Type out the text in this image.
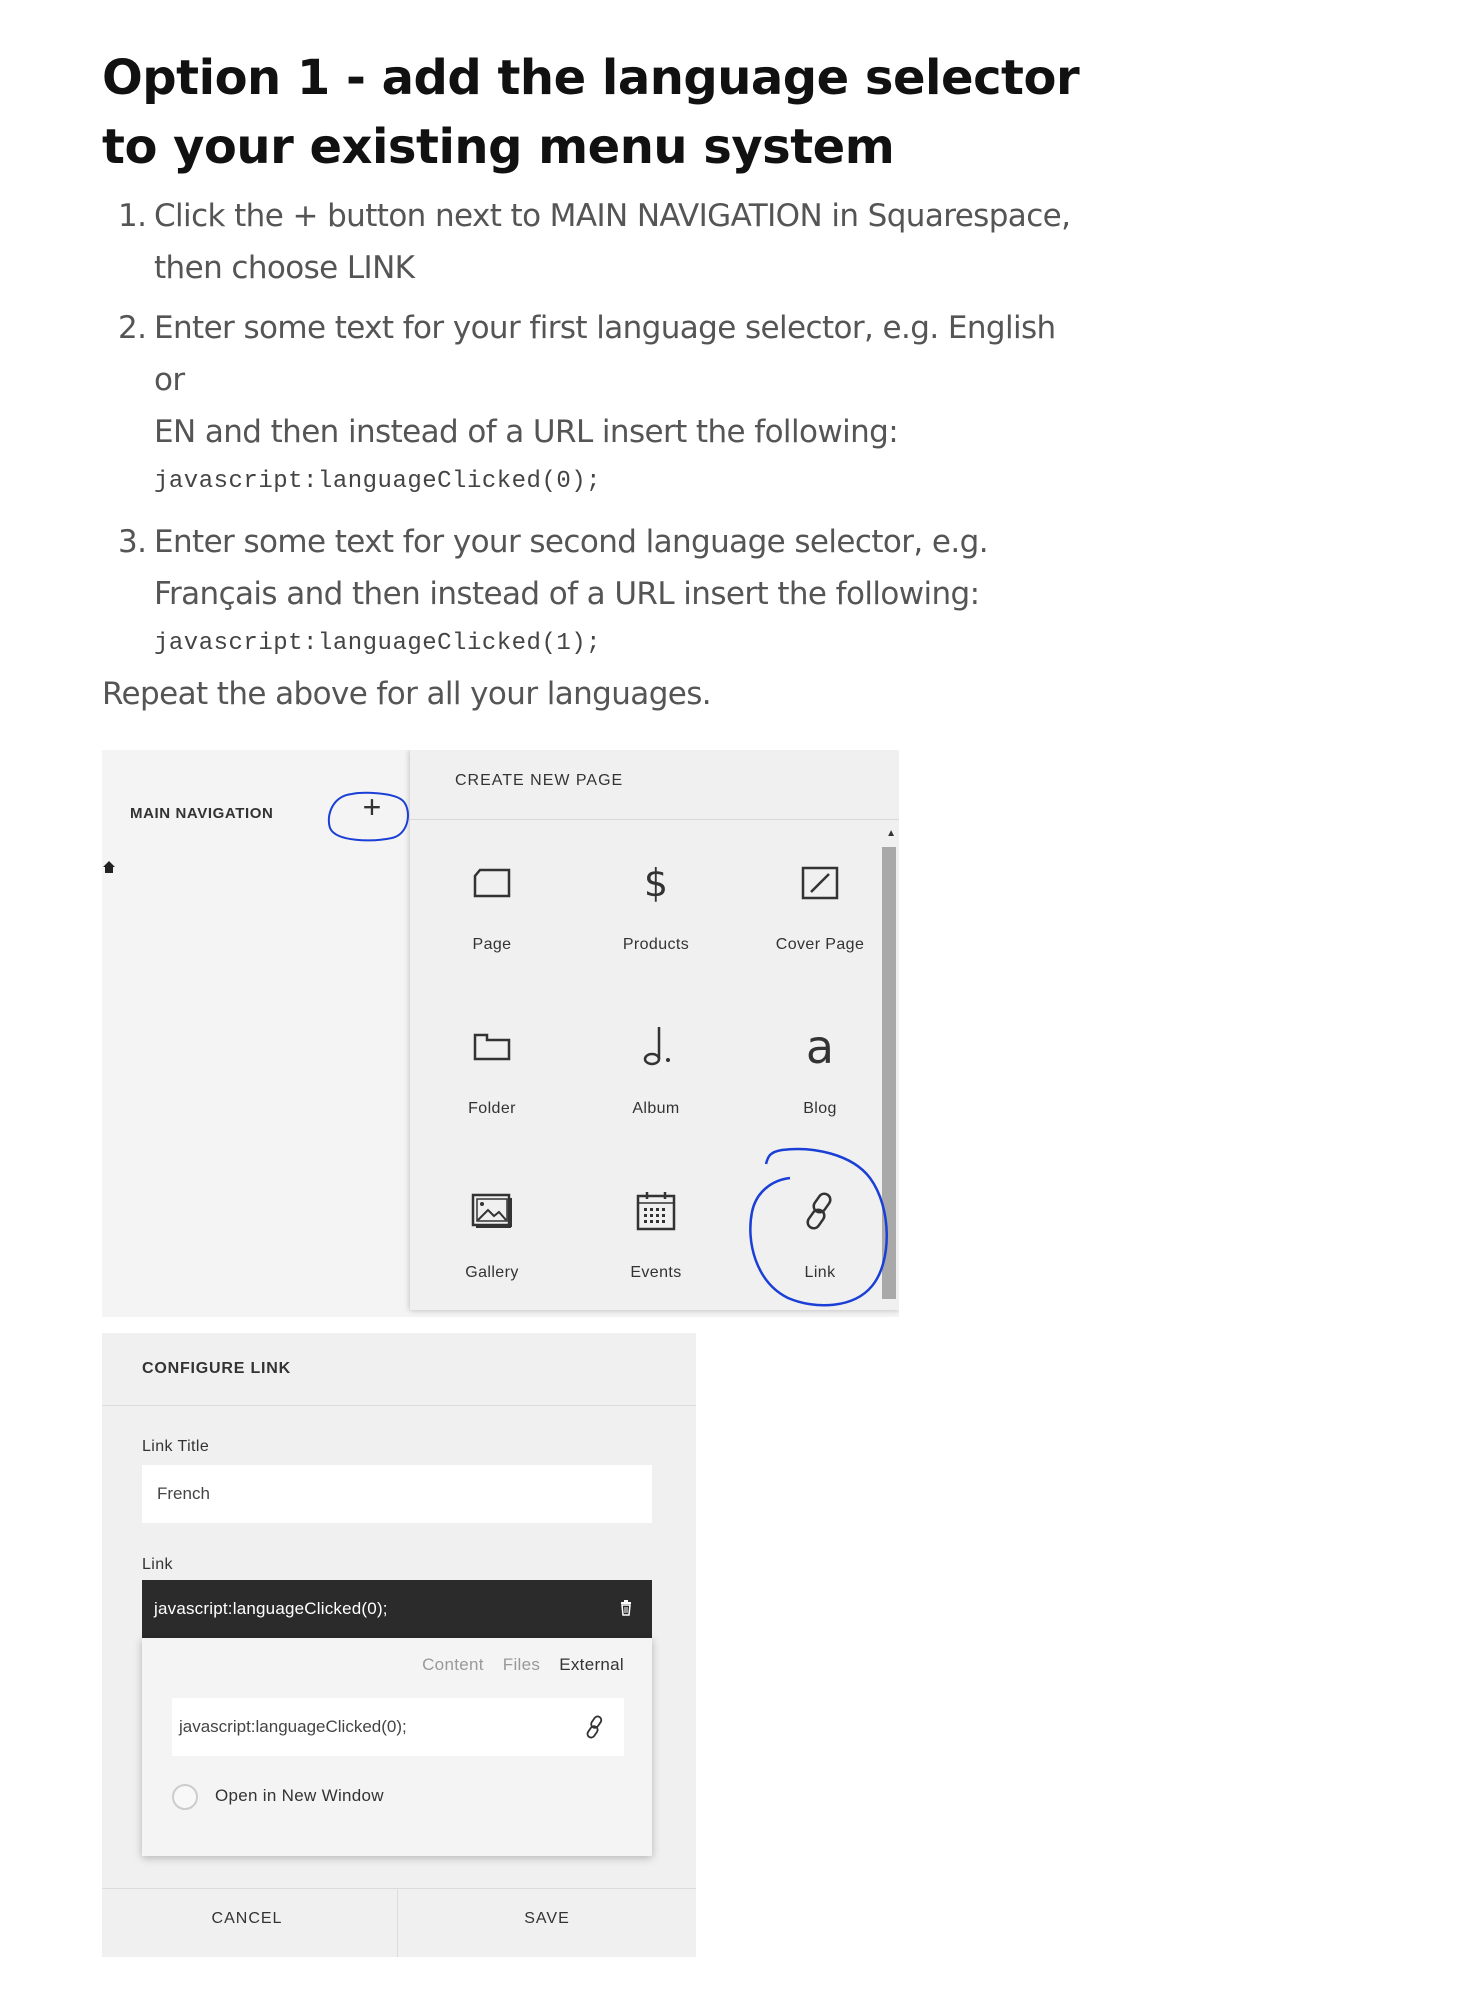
Option 1 - add the language selector to your existing menu system
1. Click the + button next to MAIN NAVIGATION in Squarespace,
then choose LINK
2. Enter some text for your first language selector, e.g. English or
EN and then instead of a URL insert the following:
javascript:languageClicked(0);
3. Enter some text for your second language selector, e.g.
Français and then instead of a URL insert the following:
javascript:languageClicked(1);

Repeat the above for all your languages.

MAIN NAVIGATION	+
CREATE NEW PAGE
Page
$
Products	Cover Page
Folder	Album
a
Blog
Gallery	Events	Link
▲
CONFIGURE LINK
Link Title
French
Link
javascript:languageClicked(0);
Content Files External
javascript:languageClicked(0);
Open in New Window
CANCEL	SAVE
